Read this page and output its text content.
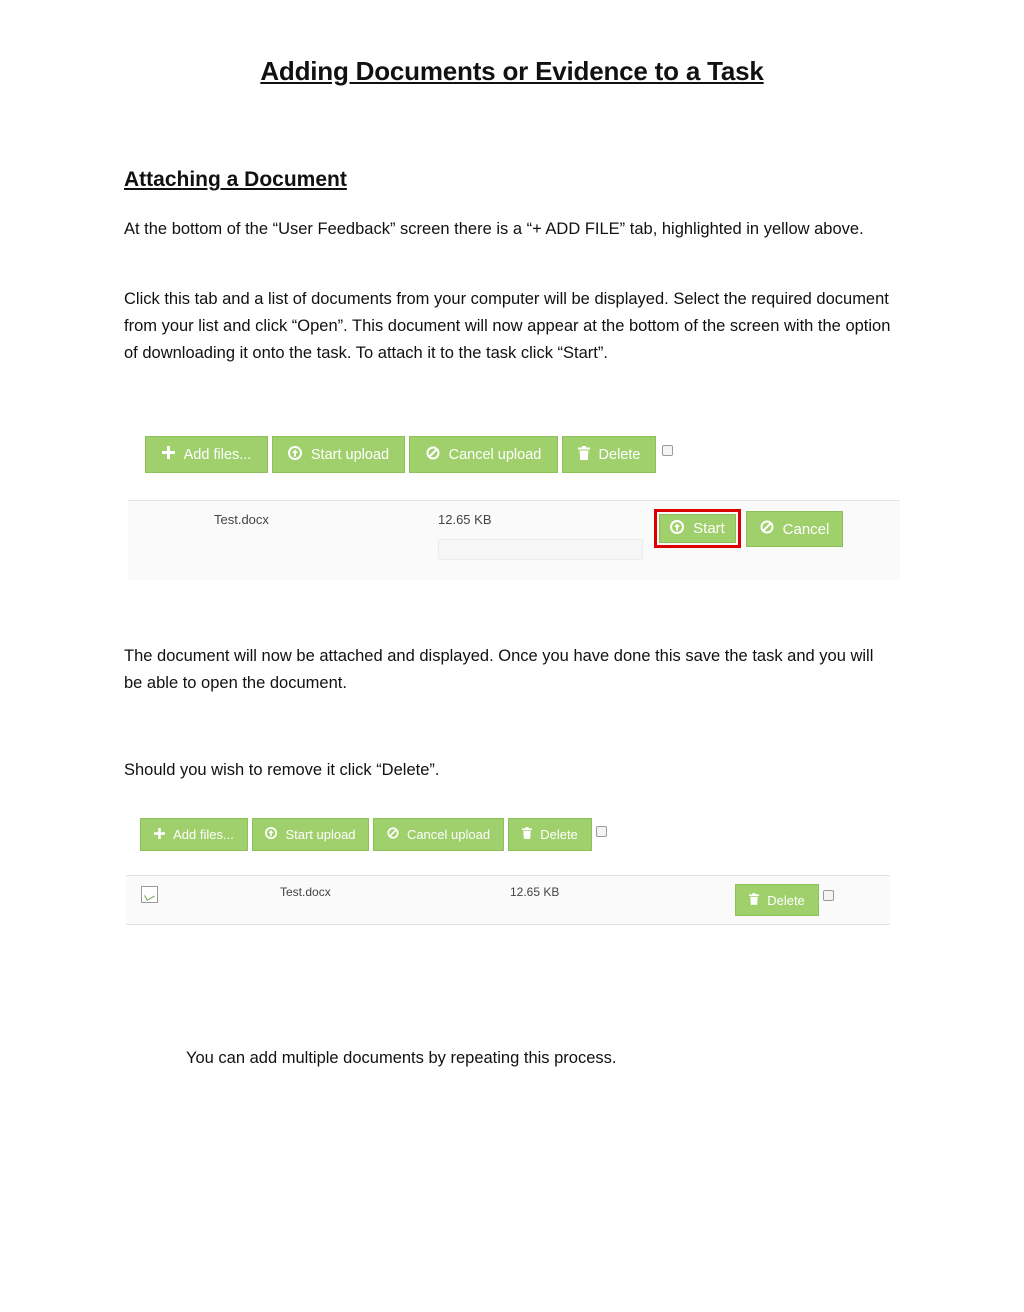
Adding Documents or Evidence to a Task
Attaching a Document

At the bottom of the “User Feedback” screen there is a “+ ADD FILE” tab, highlighted in yellow above.

Click this tab and a list of documents from your computer will be displayed. Select the required document from your list and click “Open”. This document will now appear at the bottom of the screen with the option of downloading it onto the task. To attach it to the task click “Start”.

Add files...	Start upload	Cancel upload	Delete
Test.docx	12.65 KB
Start	Cancel

The document will now be attached and displayed. Once you have done this save the task and you will be able to open the document.

Should you wish to remove it click “Delete”.

Add files...	Start upload	Cancel upload	Delete
Test.docx	12.65 KB
Delete

You can add multiple documents by repeating this process.
